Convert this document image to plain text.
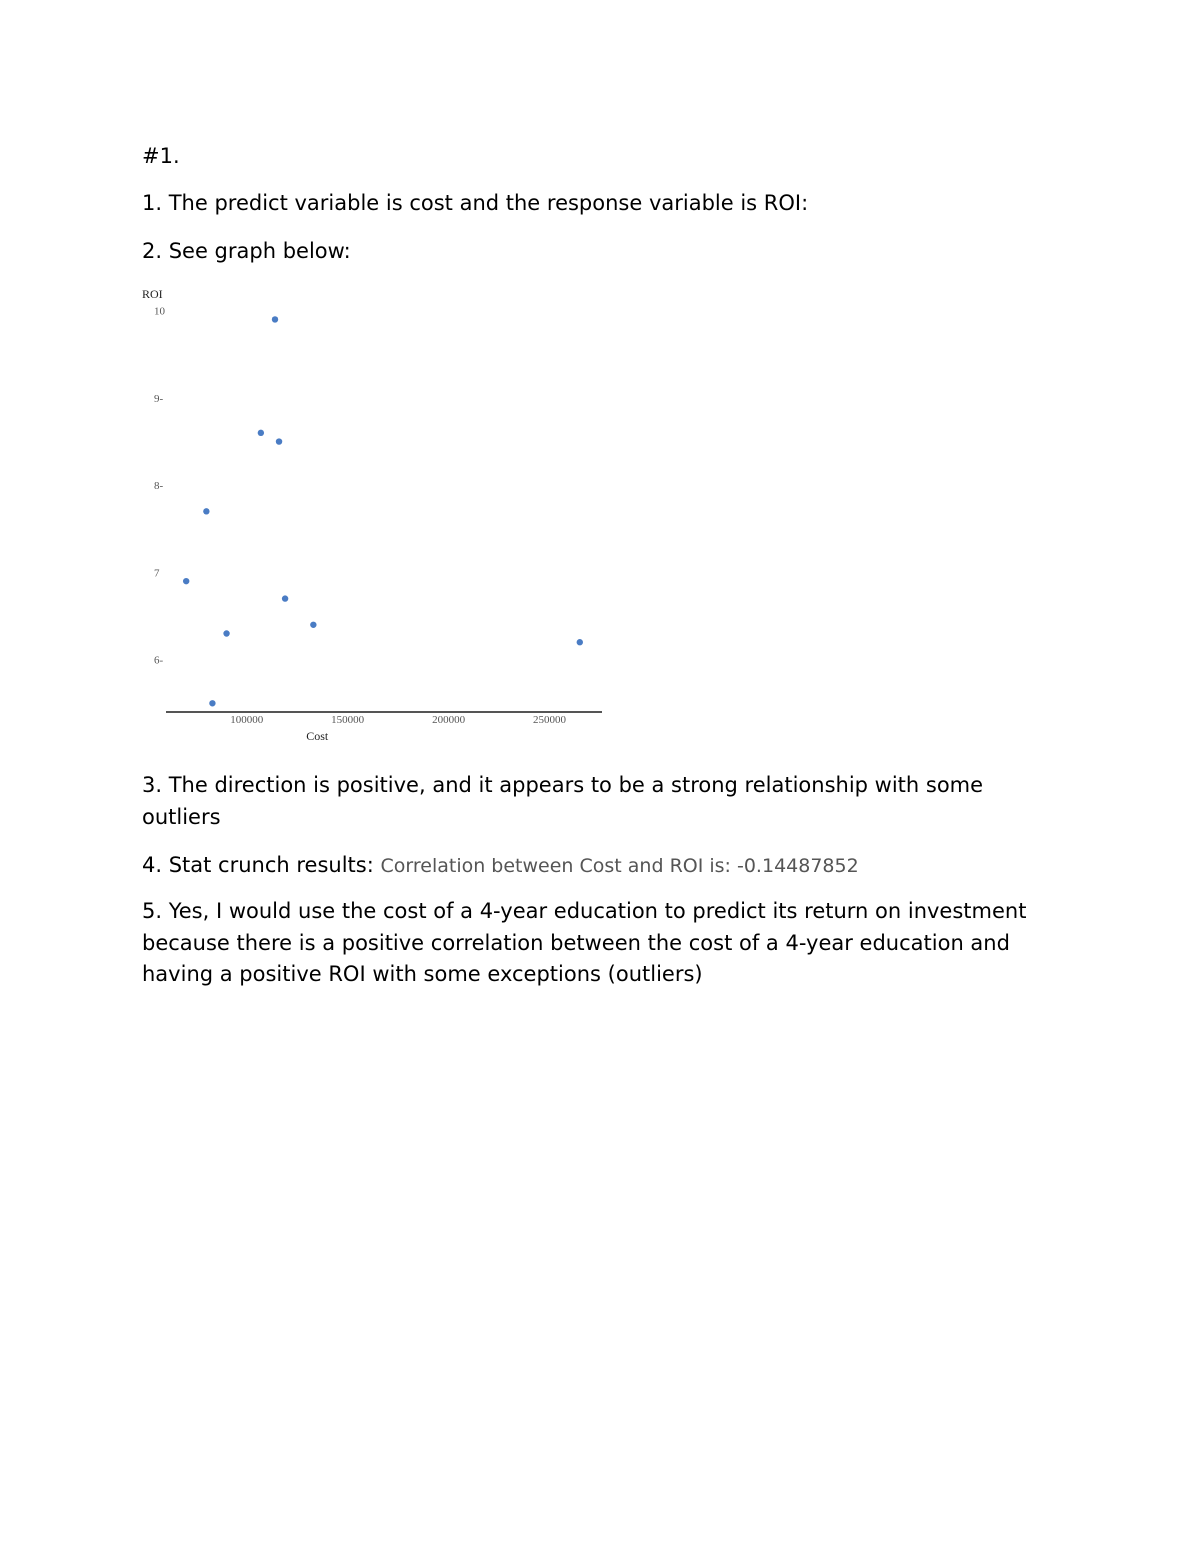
#1.
1. The predict variable is cost and the response variable is ROI:
2. See graph below:
ROI
10
9-
8-
7
6-
100000	150000	200000	250000
Cost
3. The direction is positive, and it appears to be a strong relationship with some outliers
4. Stat crunch results: Correlation between Cost and ROI is: -0.14487852
5. Yes, I would use the cost of a 4-year education to predict its return on investment because there is a positive correlation between the cost of a 4-year education and having a positive ROI with some exceptions (outliers)
